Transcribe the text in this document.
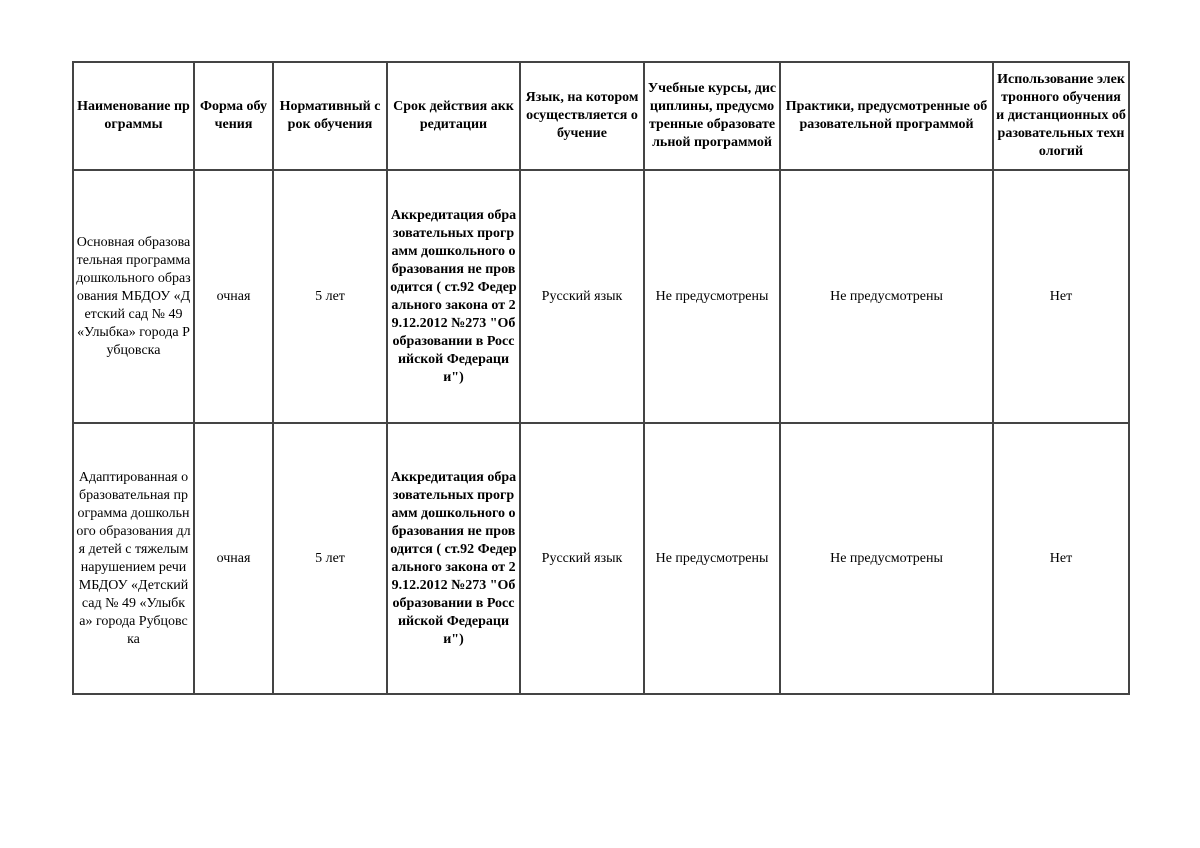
Наименование программы	Форма обучения	Нормативный срок обучения	Срок действия аккредитации	Язык, на котором осуществляется обучение	Учебные курсы, дисциплины, предусмотренные образовательной программой	Практики, предусмотренные образовательной программой	Использование электронного обучения и дистанционных образовательных технологий
Основная образовательная программа дошкольного образования МБДОУ «Детский сад № 49 «Улыбка» города Рубцовска	очная	5 лет	Аккредитация образовательных программ дошкольного образования не проводится ( ст.92 Федерального закона от 29.12.2012 №273 "Об образовании в Российской Федерации")	Русский язык	Не предусмотрены	Не предусмотрены	Нет
Адаптированная образовательная программа дошкольного образования для детей с тяжелым нарушением речи МБДОУ «Детский сад № 49 «Улыбка» города Рубцовска	очная	5 лет	Аккредитация образовательных программ дошкольного образования не проводится ( ст.92 Федерального закона от 29.12.2012 №273 "Об образовании в Российской Федерации")	Русский язык	Не предусмотрены	Не предусмотрены	Нет
